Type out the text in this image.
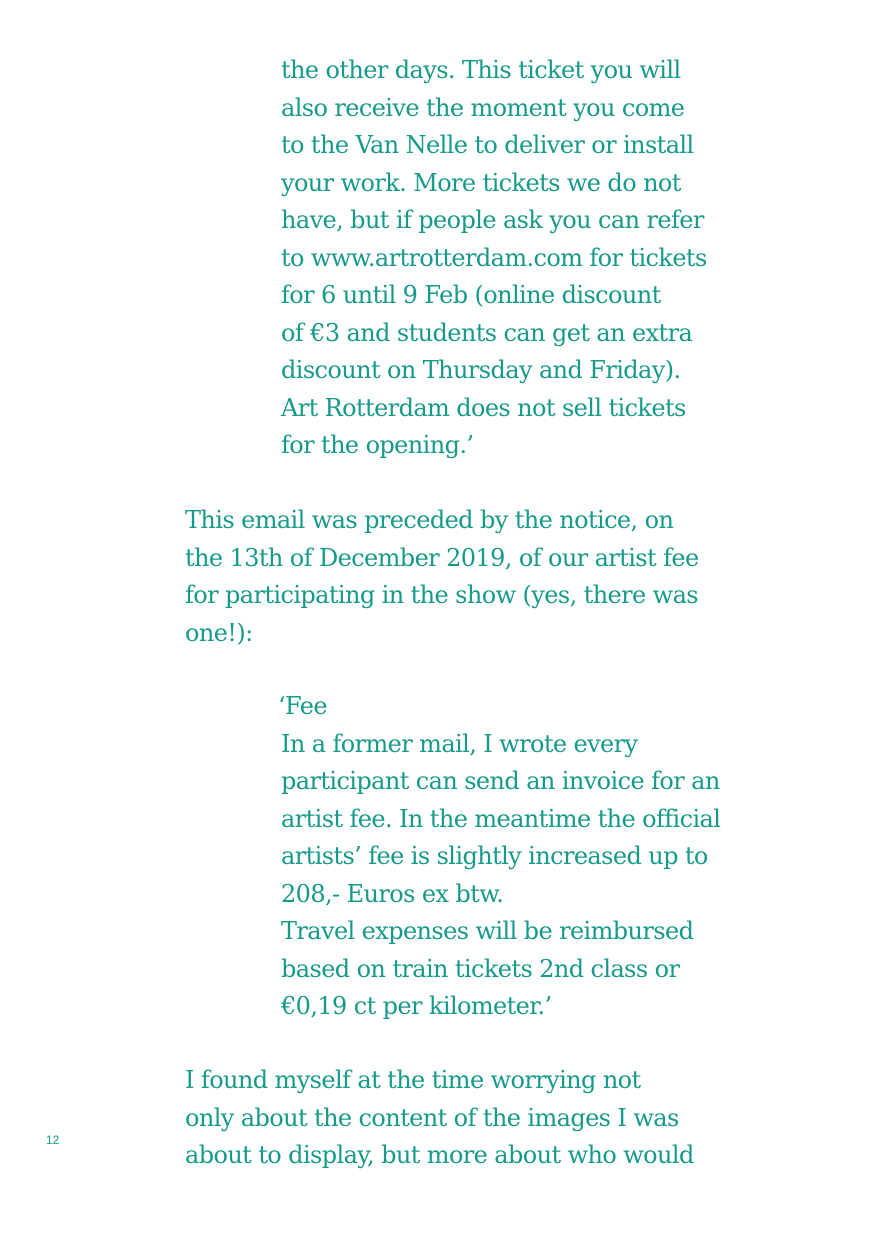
the other days. This ticket you will
also receive the moment you come
to the Van Nelle to deliver or install
your work. More tickets we do not
have, but if people ask you can refer
to www.artrotterdam.com for tickets
for 6 until 9 Feb (online discount
of €3 and students can get an extra
discount on Thursday and Friday).
Art Rotterdam does not sell tickets
for the opening.’
This email was preceded by the notice, on
the 13th of December 2019, of our artist fee
for participating in the show (yes, there was
one!):
‘Fee
In a former mail, I wrote every
participant can send an invoice for an
artist fee. In the meantime the official
artists’ fee is slightly increased up to
208,- Euros ex btw.
Travel expenses will be reimbursed
based on train tickets 2nd class or
€0,19 ct per kilometer.’
I found myself at the time worrying not
only about the content of the images I was
about to display, but more about who would
12
